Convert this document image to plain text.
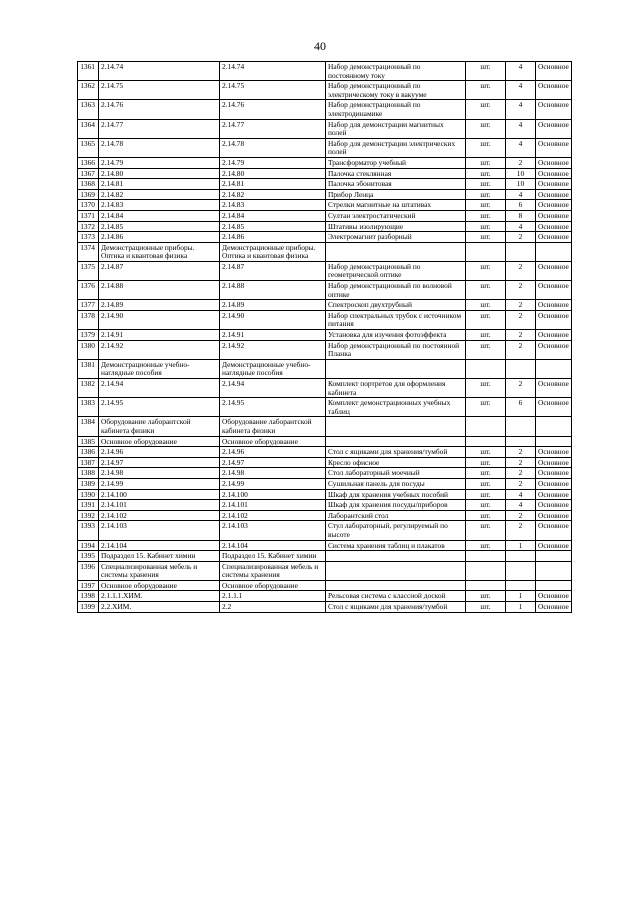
40
1361	2.14.74	2.14.74	Набор демонстрационный по постоянному току	шт.	4	Основное
1362	2.14.75	2.14.75	Набор демонстрационный по электрическому току в вакууме	шт.	4	Основное
1363	2.14.76	2.14.76	Набор демонстрационный по электродинамике	шт.	4	Основное
1364	2.14.77	2.14.77	Набор для демонстрации магнитных полей	шт.	4	Основное
1365	2.14.78	2.14.78	Набор для демонстрации электрических полей	шт.	4	Основное
1366	2.14.79	2.14.79	Трансформатор учебный	шт.	2	Основное
1367	2.14.80	2.14.80	Палочка стеклянная	шт.	10	Основное
1368	2.14.81	2.14.81	Палочка эбонитовая	шт.	10	Основное
1369	2.14.82	2.14.82	Прибор Ленца	шт.	4	Основное
1370	2.14.83	2.14.83	Стрелки магнитные на штативах	шт.	6	Основное
1371	2.14.84	2.14.84	Султан электростатический	шт.	8	Основное
1372	2.14.85	2.14.85	Штативы изолирующие	шт.	4	Основное
1373	2.14.86	2.14.86	Электромагнит разборный	шт.	2	Основное
1374	Демонстрационные приборы. Оптика и квантовая физика	Демонстрационные приборы. Оптика и квантовая физика				
1375	2.14.87	2.14.87	Набор демонстрационный по геометрической оптике	шт.	2	Основное
1376	2.14.88	2.14.88	Набор демонстрационный по волновой оптике	шт.	2	Основное
1377	2.14.89	2.14.89	Спектроскоп двухтрубный	шт.	2	Основное
1378	2.14.90	2.14.90	Набор спектральных трубок с источником питания	шт.	2	Основное
1379	2.14.91	2.14.91	Установка для изучения фотоэффекта	шт.	2	Основное
1380	2.14.92	2.14.92	Набор демонстрационный по постоянной Планка	шт.	2	Основное
1381	Демонстрационные учебно-наглядные пособия	Демонстрационные учебно-наглядные пособия				
1382	2.14.94	2.14.94	Комплект портретов для оформления кабинета	шт.	2	Основное
1383	2.14.95	2.14.95	Комплект демонстрационных учебных таблиц	шт.	6	Основное
1384	Оборудование лаборантской кабинета физики	Оборудование лаборантской кабинета физики				
1385	Основное оборудование	Основное оборудование				
1386	2.14.96	2.14.96	Стол с ящиками для хранения/тумбой	шт.	2	Основное
1387	2.14.97	2.14.97	Кресло офисное	шт.	2	Основное
1388	2.14.98	2.14.98	Стол лабораторный моечный	шт.	2	Основное
1389	2.14.99	2.14.99	Сушильная панель для посуды	шт.	2	Основное
1390	2.14.100	2.14.100	Шкаф для хранения учебных пособий	шт.	4	Основное
1391	2.14.101	2.14.101	Шкаф для хранения посуды/приборов	шт.	4	Основное
1392	2.14.102	2.14.102	Лаборантский стол	шт.	2	Основное
1393	2.14.103	2.14.103	Стул лабораторный, регулируемый по высоте	шт.	2	Основное
1394	2.14.104	2.14.104	Система хранения таблиц и плакатов	шт.	1	Основное
1395	Подраздел 15. Кабинет химии	Подраздел 15. Кабинет химии				
1396	Специализированная мебель и системы хранения	Специализированная мебель и системы хранения				
1397	Основное оборудование	Основное оборудование				
1398	2.1.1.1.ХИМ.	2.1.1.1	Рельсовая система с классной доской	шт.	1	Основное
1399	2.2.ХИМ.	2.2	Стол с ящиками для хранения/тумбой	шт.	1	Основное
